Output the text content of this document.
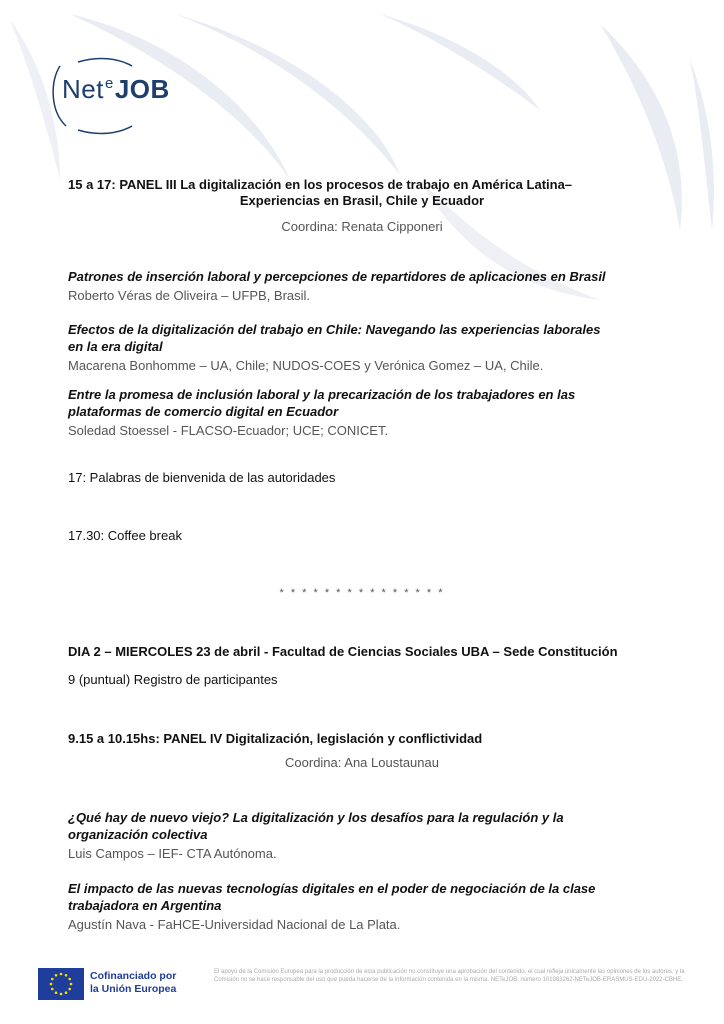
Net$^e$JOB
15 a 17: PANEL III La digitalización en los procesos de trabajo en América Latina–
Experiencias en Brasil, Chile y Ecuador
Coordina: Renata Cipponeri
Patrones de inserción laboral y percepciones de repartidores de aplicaciones en Brasil
Roberto Véras de Oliveira – UFPB, Brasil.
Efectos de la digitalización del trabajo en Chile: Navegando las experiencias laborales
en la era digital
Macarena Bonhomme – UA, Chile; NUDOS-COES y Verónica Gomez – UA, Chile.
Entre la promesa de inclusión laboral y la precarización de los trabajadores en las
plataformas de comercio digital en Ecuador
Soledad Stoessel - FLACSO-Ecuador; UCE; CONICET.
17: Palabras de bienvenida de las autoridades
17.30: Coffee break
* * * * * * * * * * * * * * *
DIA 2 – MIERCOLES 23 de abril - Facultad de Ciencias Sociales UBA – Sede Constitución
9 (puntual) Registro de participantes
9.15 a 10.15hs: PANEL IV Digitalización, legislación y conflictividad
Coordina: Ana Loustaunau
¿Qué hay de nuevo viejo? La digitalización y los desafíos para la regulación y la
organización colectiva
Luis Campos – IEF- CTA Autónoma.
El impacto de las nuevas tecnologías digitales en el poder de negociación de la clase
trabajadora en Argentina
Agustín Nava - FaHCE-Universidad Nacional de La Plata.
Cofinanciado por
la Unión Europea
El apoyo de la Comisión Europea para la producción de esta publicación no constituye una aprobación del contenido, el cual refleja únicamente las opiniones de los autores, y la Comisión no se hace responsable del uso que pueda hacerse de la información contenida en la misma. NETeJOB, número 101083262-NETeJOB-ERASMUS-EDU-2022-CBHE.
